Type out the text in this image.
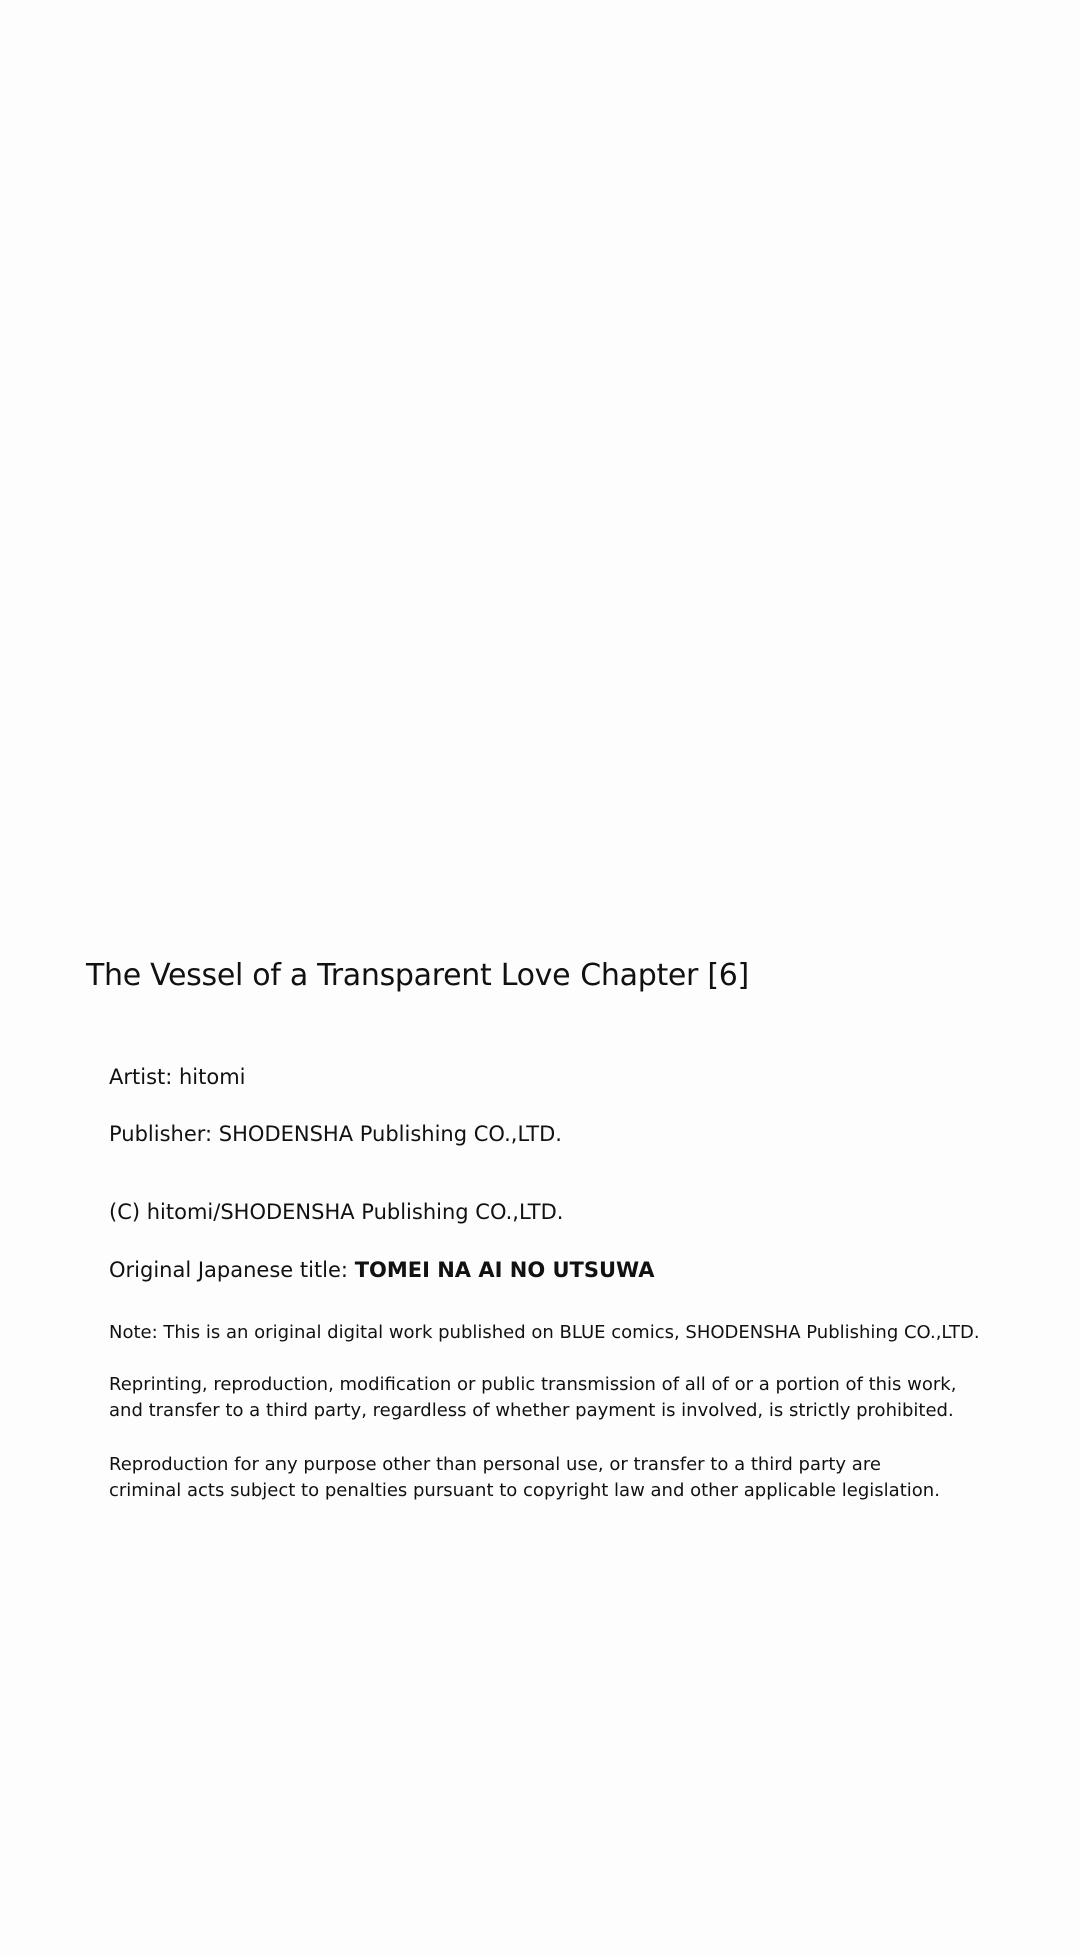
The Vessel of a Transparent Love Chapter [6]
Artist: hitomi
Publisher: SHODENSHA Publishing CO.,LTD.
(C) hitomi/SHODENSHA Publishing CO.,LTD.
Original Japanese title: TOMEI NA AI NO UTSUWA
Note: This is an original digital work published on BLUE comics, SHODENSHA Publishing CO.,LTD.
Reprinting, reproduction, modification or public transmission of all of or a portion of this work,
and transfer to a third party, regardless of whether payment is involved, is strictly prohibited.
Reproduction for any purpose other than personal use, or transfer to a third party are
criminal acts subject to penalties pursuant to copyright law and other applicable legislation.
